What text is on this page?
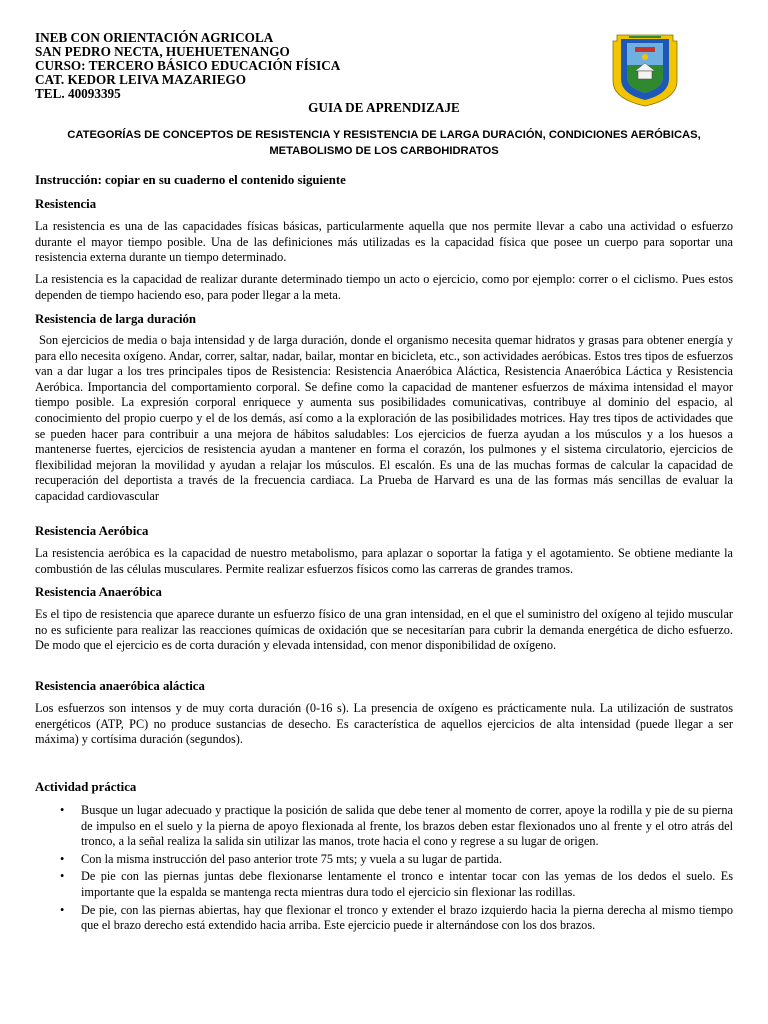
INEB CON ORIENTACIÓN AGRICOLA
SAN PEDRO NECTA, HUEHUETENANGO
CURSO: TERCERO BÁSICO EDUCACIÓN FÍSICA
CAT. KEDOR LEIVA MAZARIEGO
TEL. 40093395
GUIA DE APRENDIZAJE
CATEGORÍAS DE CONCEPTOS DE RESISTENCIA Y RESISTENCIA DE LARGA DURACIÓN, CONDICIONES AERÓBICAS,
METABOLISMO DE LOS CARBOHIDRATOS
Instrucción: copiar en su cuaderno el contenido siguiente
Resistencia

La resistencia es una de las capacidades físicas básicas, particularmente aquella que nos permite llevar a cabo una actividad o esfuerzo durante el mayor tiempo posible. Una de las definiciones más utilizadas es la capacidad física que posee un cuerpo para soportar una resistencia externa durante un tiempo determinado.

La resistencia es la capacidad de realizar durante determinado tiempo un acto o ejercicio, como por ejemplo: correr o el ciclismo. Pues estos dependen de tiempo haciendo eso, para poder llegar a la meta.

Resistencia de larga duración

Son ejercicios de media o baja intensidad y de larga duración, donde el organismo necesita quemar hidratos y grasas para obtener energía y para ello necesita oxígeno. Andar, correr, saltar, nadar, bailar, montar en bicicleta, etc., son actividades aeróbicas. Estos tres tipos de esfuerzos van a dar lugar a los tres principales tipos de Resistencia: Resistencia Anaeróbica Aláctica, Resistencia Anaeróbica Láctica y Resistencia Aeróbica. Importancia del comportamiento corporal. Se define como la capacidad de mantener esfuerzos de máxima intensidad el mayor tiempo posible. La expresión corporal enriquece y aumenta sus posibilidades comunicativas, contribuye al dominio del espacio, al conocimiento del propio cuerpo y el de los demás, así como a la exploración de las posibilidades motrices. Hay tres tipos de actividades que se pueden hacer para contribuir a una mejora de hábitos saludables: Los ejercicios de fuerza ayudan a los músculos y a los huesos a mantenerse fuertes, ejercicios de resistencia ayudan a mantener en forma el corazón, los pulmones y el sistema circulatorio, ejercicios de flexibilidad mejoran la movilidad y ayudan a relajar los músculos. El escalón. Es una de las muchas formas de calcular la capacidad de recuperación del deportista a través de la frecuencia cardiaca. La Prueba de Harvard es una de las formas más sencillas de evaluar la capacidad cardiovascular

Resistencia Aeróbica

La resistencia aeróbica es la capacidad de nuestro metabolismo, para aplazar o soportar la fatiga y el agotamiento. Se obtiene mediante la combustión de las células musculares. Permite realizar esfuerzos físicos como las carreras de grandes tramos.

Resistencia Anaeróbica

Es el tipo de resistencia que aparece durante un esfuerzo físico de una gran intensidad, en el que el suministro del oxígeno al tejido muscular no es suficiente para realizar las reacciones químicas de oxidación que se necesitarían para cubrir la demanda energética de dicho esfuerzo. De modo que el ejercicio es de corta duración y elevada intensidad, con menor disponibilidad de oxígeno.

Resistencia anaeróbica aláctica

Los esfuerzos son intensos y de muy corta duración (0-16 s). La presencia de oxígeno es prácticamente nula. La utilización de sustratos energéticos (ATP, PC) no produce sustancias de desecho. Es característica de aquellos ejercicios de alta intensidad (puede llegar a ser máxima) y cortísima duración (segundos).

Actividad práctica
• Busque un lugar adecuado y practique la posición de salida que debe tener al momento de correr, apoye la rodilla y pie de su pierna de impulso en el suelo y la pierna de apoyo flexionada al frente, los brazos deben estar flexionados uno al frente y el otro atrás del tronco, a la señal realiza la salida sin utilizar las manos, trote hacia el cono y regrese a su lugar de origen.
• Con la misma instrucción del paso anterior trote 75 mts; y vuela a su lugar de partida.
• De pie con las piernas juntas debe flexionarse lentamente el tronco e intentar tocar con las yemas de los dedos el suelo. Es importante que la espalda se mantenga recta mientras dura todo el ejercicio sin flexionar las rodillas.
• De pie, con las piernas abiertas, hay que flexionar el tronco y extender el brazo izquierdo hacia la pierna derecha al mismo tiempo que el brazo derecho está extendido hacia arriba. Este ejercicio puede ir alternándose con los dos brazos.
